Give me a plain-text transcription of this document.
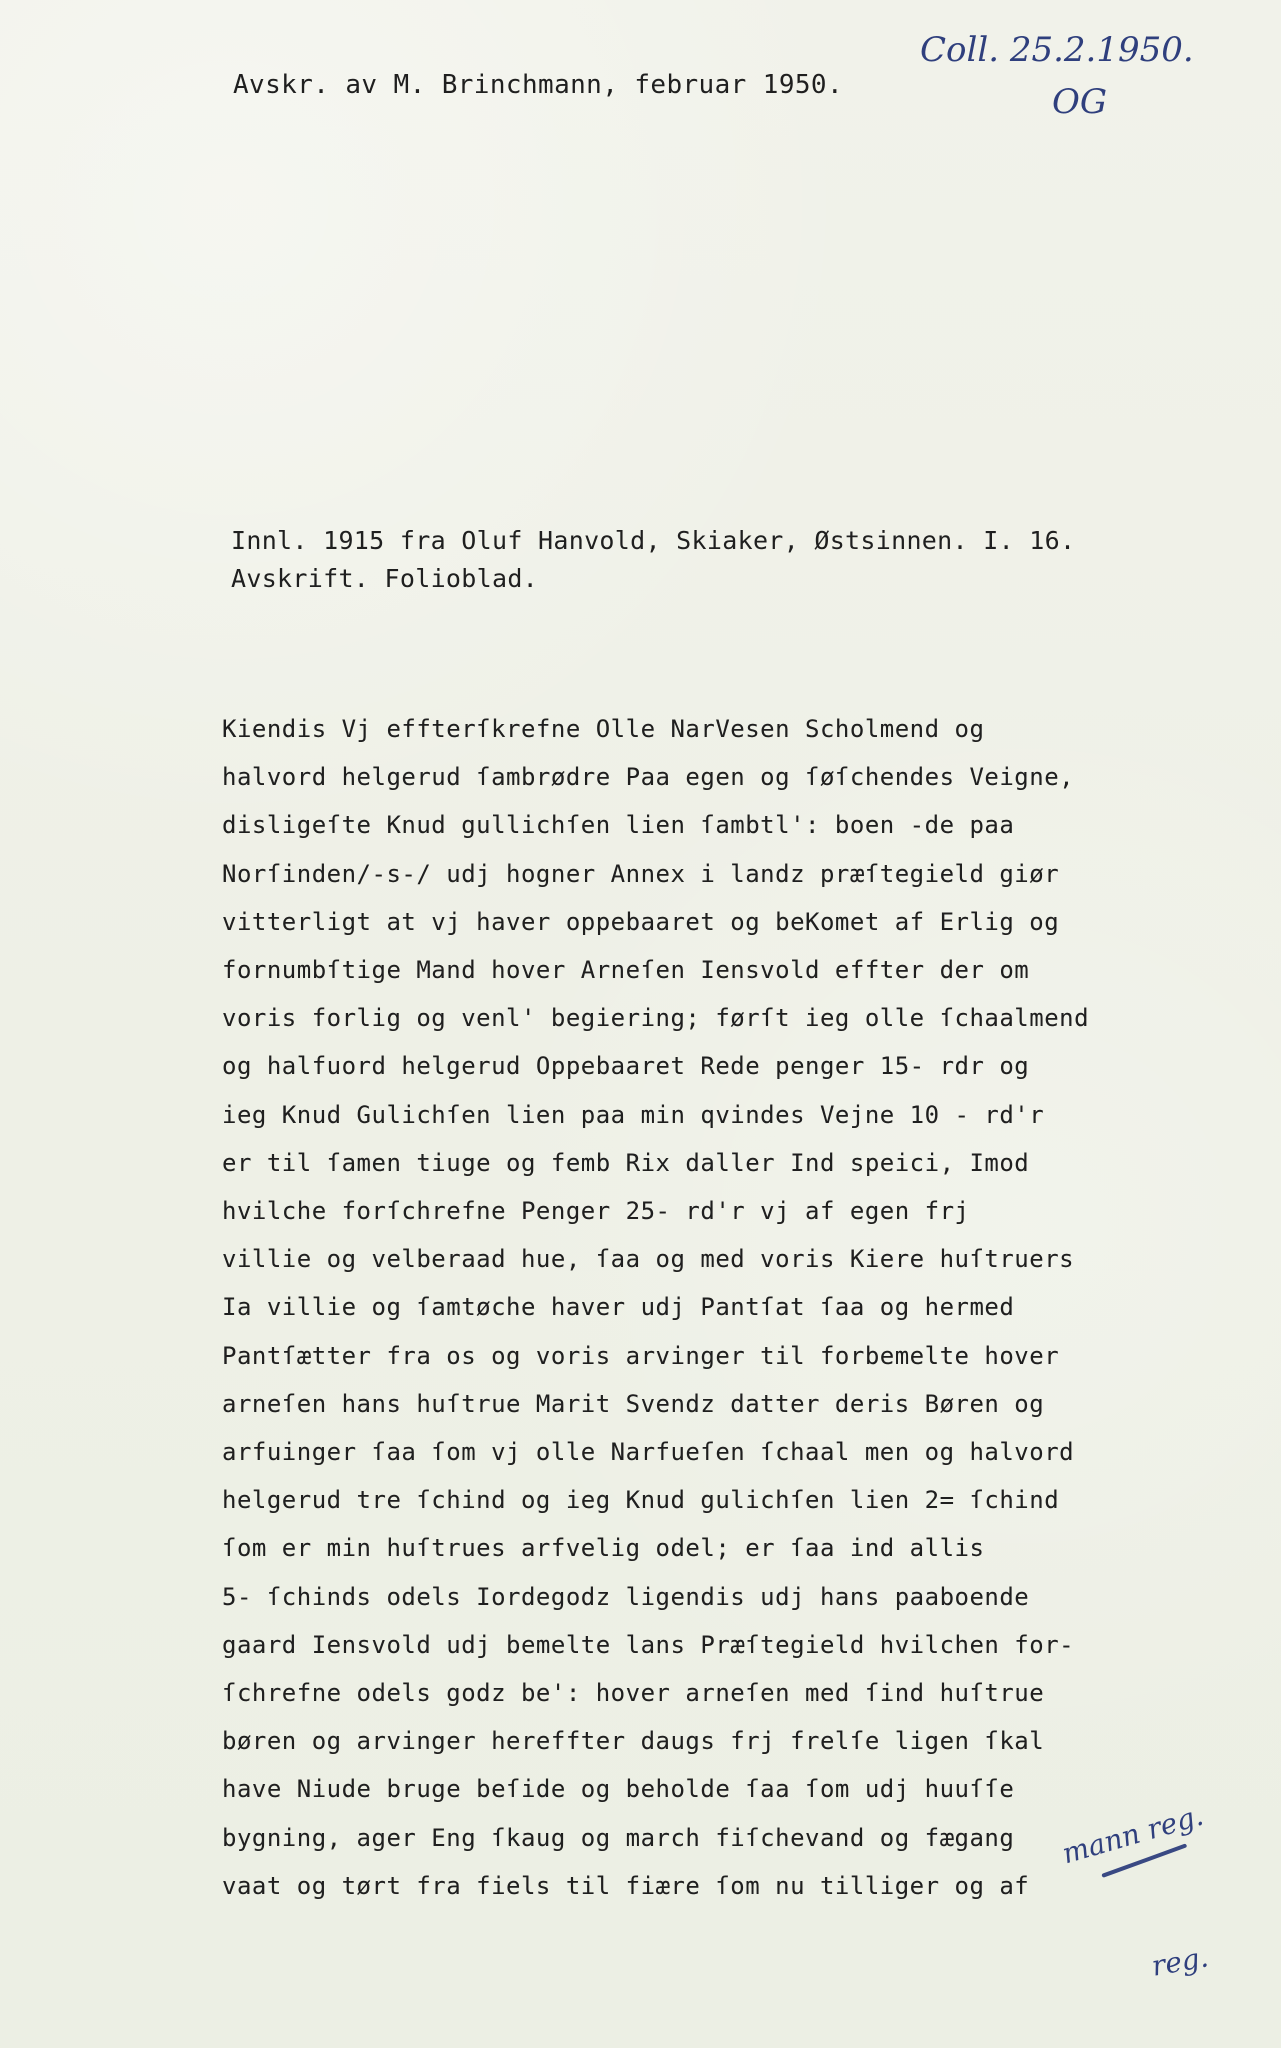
Avskr. av M. Brinchmann, februar 1950.
Coll. 25.2.1950.
OG
mann reg.
reg.
Innl. 1915 fra Oluf Hanvold, Skiaker, Østsinnen. I. 16.
Avskrift. Folioblad.
Kiendis Vj effterſkrefne Olle NarVesen Scholmend og
halvord helgerud ſambrødre Paa egen og ſøſchendes Veigne,
disligeſte Knud gullichſen lien ſambtl': boen -de paa
Norſinden/-s-/ udj hogner Annex i landz præſtegield giør
vitterligt at vj haver oppebaaret og beKomet af Erlig og
fornumbſtige Mand hover Arneſen Iensvold effter der om
voris forlig og venl' begiering; førſt ieg olle ſchaalmend
og halfuord helgerud Oppebaaret Rede penger 15- rdr og
ieg Knud Gulichſen lien paa min qvindes Vejne 10 - rd'r
er til ſamen tiuge og femb Rix daller Ind speici, Imod
hvilche forſchrefne Penger 25- rd'r vj af egen frj
villie og velberaad hue, ſaa og med voris Kiere huſtruers
Ia villie og ſamtøche haver udj Pantſat ſaa og hermed
Pantſætter fra os og voris arvinger til forbemelte hover
arneſen hans huſtrue Marit Svendz datter deris Børen og
arfuinger ſaa ſom vj olle Narfueſen ſchaal men og halvord
helgerud tre ſchind og ieg Knud gulichſen lien 2= ſchind
ſom er min huſtrues arfvelig odel; er ſaa ind allis
5- ſchinds odels Iordegodz ligendis udj hans paaboende
gaard Iensvold udj bemelte lans Præſtegield hvilchen for-
ſchrefne odels godz be': hover arneſen med ſind huſtrue
børen og arvinger hereffter daugs frj frelſe ligen ſkal
have Niude bruge beſide og beholde ſaa ſom udj huuſſe
bygning, ager Eng ſkaug og march fiſchevand og fægang
vaat og tørt fra fiels til fiære ſom nu tilliger og af
